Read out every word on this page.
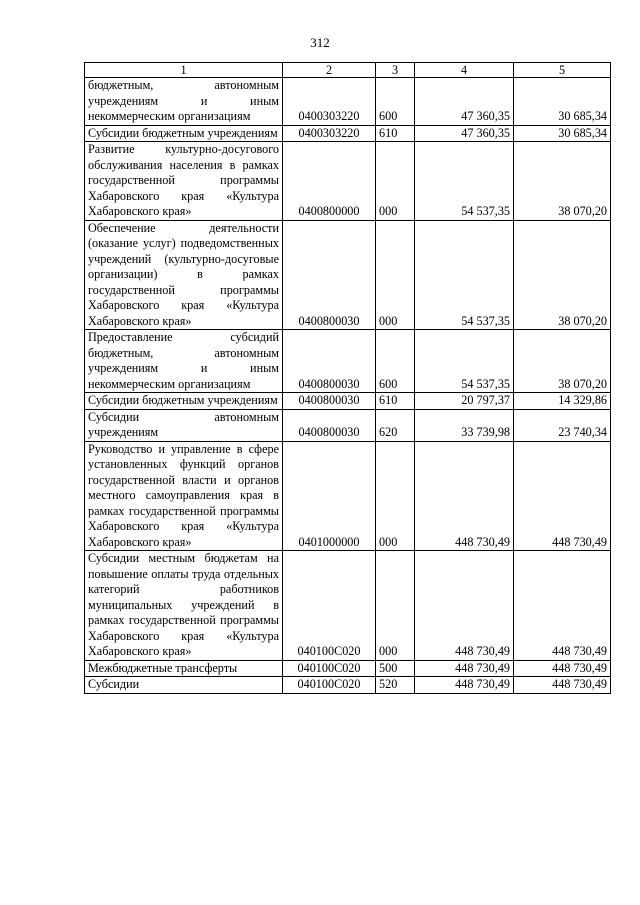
312
1	2	3	4	5
бюджетным, автономным учреждениям и иным некоммерческим организациям	0400303220	600	47 360,35	30 685,34
Субсидии бюджетным учреждениям	0400303220	610	47 360,35	30 685,34
Развитие культурно-досугового обслуживания населения в рамках государственной программы Хабаровского края «Культура Хабаровского края»	0400800000	000	54 537,35	38 070,20
Обеспечение деятельности (оказание услуг) подведомственных учреждений (культурно-досуговые организации) в рамках государственной программы Хабаровского края «Культура Хабаровского края»	0400800030	000	54 537,35	38 070,20
Предоставление субсидий бюджетным, автономным учреждениям и иным некоммерческим организациям	0400800030	600	54 537,35	38 070,20
Субсидии бюджетным учреждениям	0400800030	610	20 797,37	14 329,86
Субсидии автономным учреждениям	0400800030	620	33 739,98	23 740,34
Руководство и управление в сфере установленных функций органов государственной власти и органов местного самоуправления края в рамках государственной программы Хабаровского края «Культура Хабаровского края»	0401000000	000	448 730,49	448 730,49
Субсидии местным бюджетам на повышение оплаты труда отдельных категорий работников муниципальных учреждений в рамках государственной программы Хабаровского края «Культура Хабаровского края»	040100С020	000	448 730,49	448 730,49
Межбюджетные трансферты	040100С020	500	448 730,49	448 730,49
Субсидии	040100С020	520	448 730,49	448 730,49
